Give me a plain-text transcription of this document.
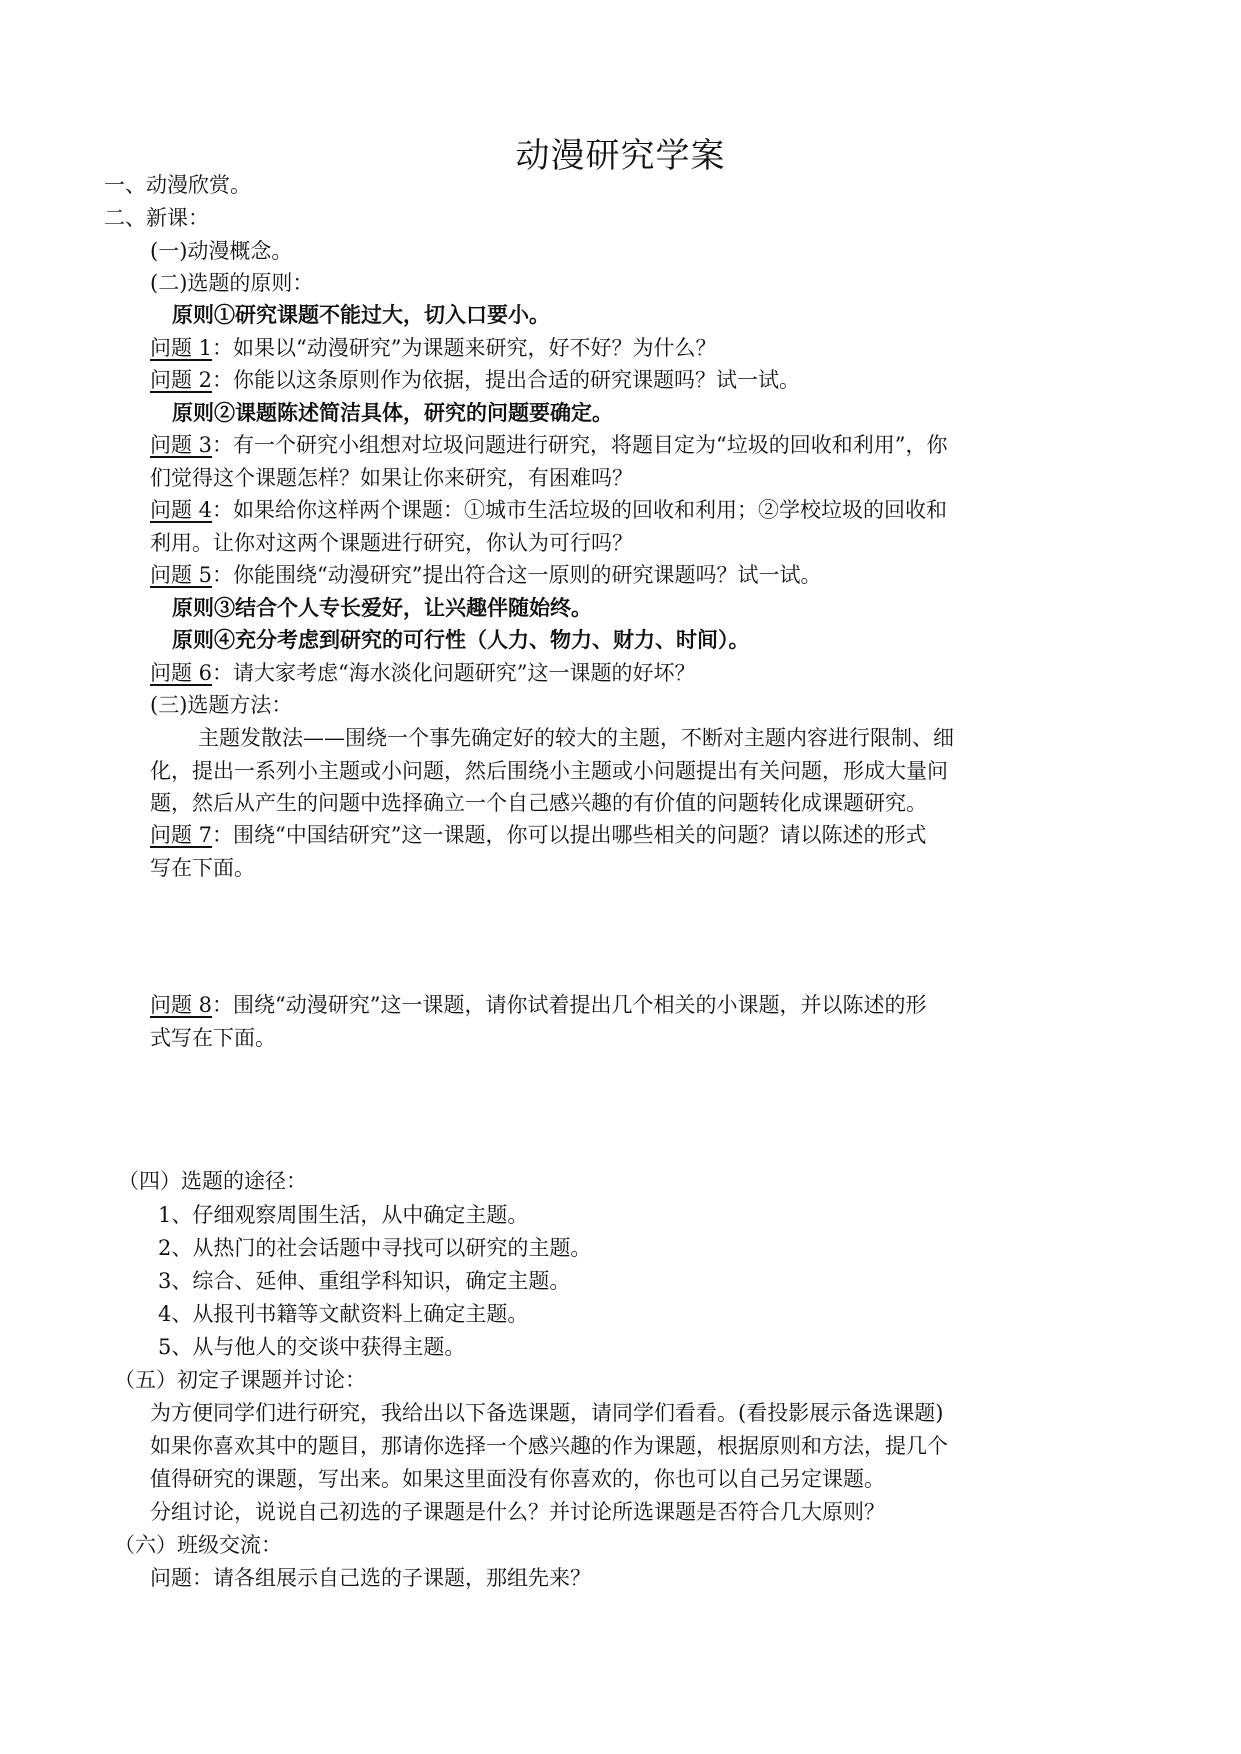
动漫研究学案
一、动漫欣赏。
二、新课：
(一)动漫概念。
(二)选题的原则：
原则①研究课题不能过大，切入口要小。
问题 1：如果以“动漫研究”为课题来研究，好不好？为什么？
问题 2：你能以这条原则作为依据，提出合适的研究课题吗？试一试。
原则②课题陈述简洁具体，研究的问题要确定。
问题 3：有一个研究小组想对垃圾问题进行研究，将题目定为“垃圾的回收和利用”，你
们觉得这个课题怎样？如果让你来研究，有困难吗？
问题 4：如果给你这样两个课题：①城市生活垃圾的回收和利用；②学校垃圾的回收和
利用。让你对这两个课题进行研究，你认为可行吗？
问题 5：你能围绕“动漫研究”提出符合这一原则的研究课题吗？试一试。
原则③结合个人专长爱好，让兴趣伴随始终。
原则④充分考虑到研究的可行性（人力、物力、财力、时间）。
问题 6：请大家考虑“海水淡化问题研究”这一课题的好坏？
(三)选题方法：
主题发散法——围绕一个事先确定好的较大的主题，不断对主题内容进行限制、细
化，提出一系列小主题或小问题，然后围绕小主题或小问题提出有关问题，形成大量问
题，然后从产生的问题中选择确立一个自己感兴趣的有价值的问题转化成课题研究。
问题 7：围绕“中国结研究”这一课题，你可以提出哪些相关的问题？请以陈述的形式
写在下面。
问题 8：围绕“动漫研究”这一课题，请你试着提出几个相关的小课题，并以陈述的形
式写在下面。
（四）选题的途径：
1、仔细观察周围生活，从中确定主题。
2、从热门的社会话题中寻找可以研究的主题。
3、综合、延伸、重组学科知识，确定主题。
4、从报刊书籍等文献资料上确定主题。
5、从与他人的交谈中获得主题。
（五）初定子课题并讨论：
为方便同学们进行研究，我给出以下备选课题，请同学们看看。(看投影展示备选课题)
如果你喜欢其中的题目，那请你选择一个感兴趣的作为课题，根据原则和方法，提几个
值得研究的课题，写出来。如果这里面没有你喜欢的，你也可以自己另定课题。
分组讨论，说说自己初选的子课题是什么？并讨论所选课题是否符合几大原则？
（六）班级交流：
问题：请各组展示自己选的子课题，那组先来？
